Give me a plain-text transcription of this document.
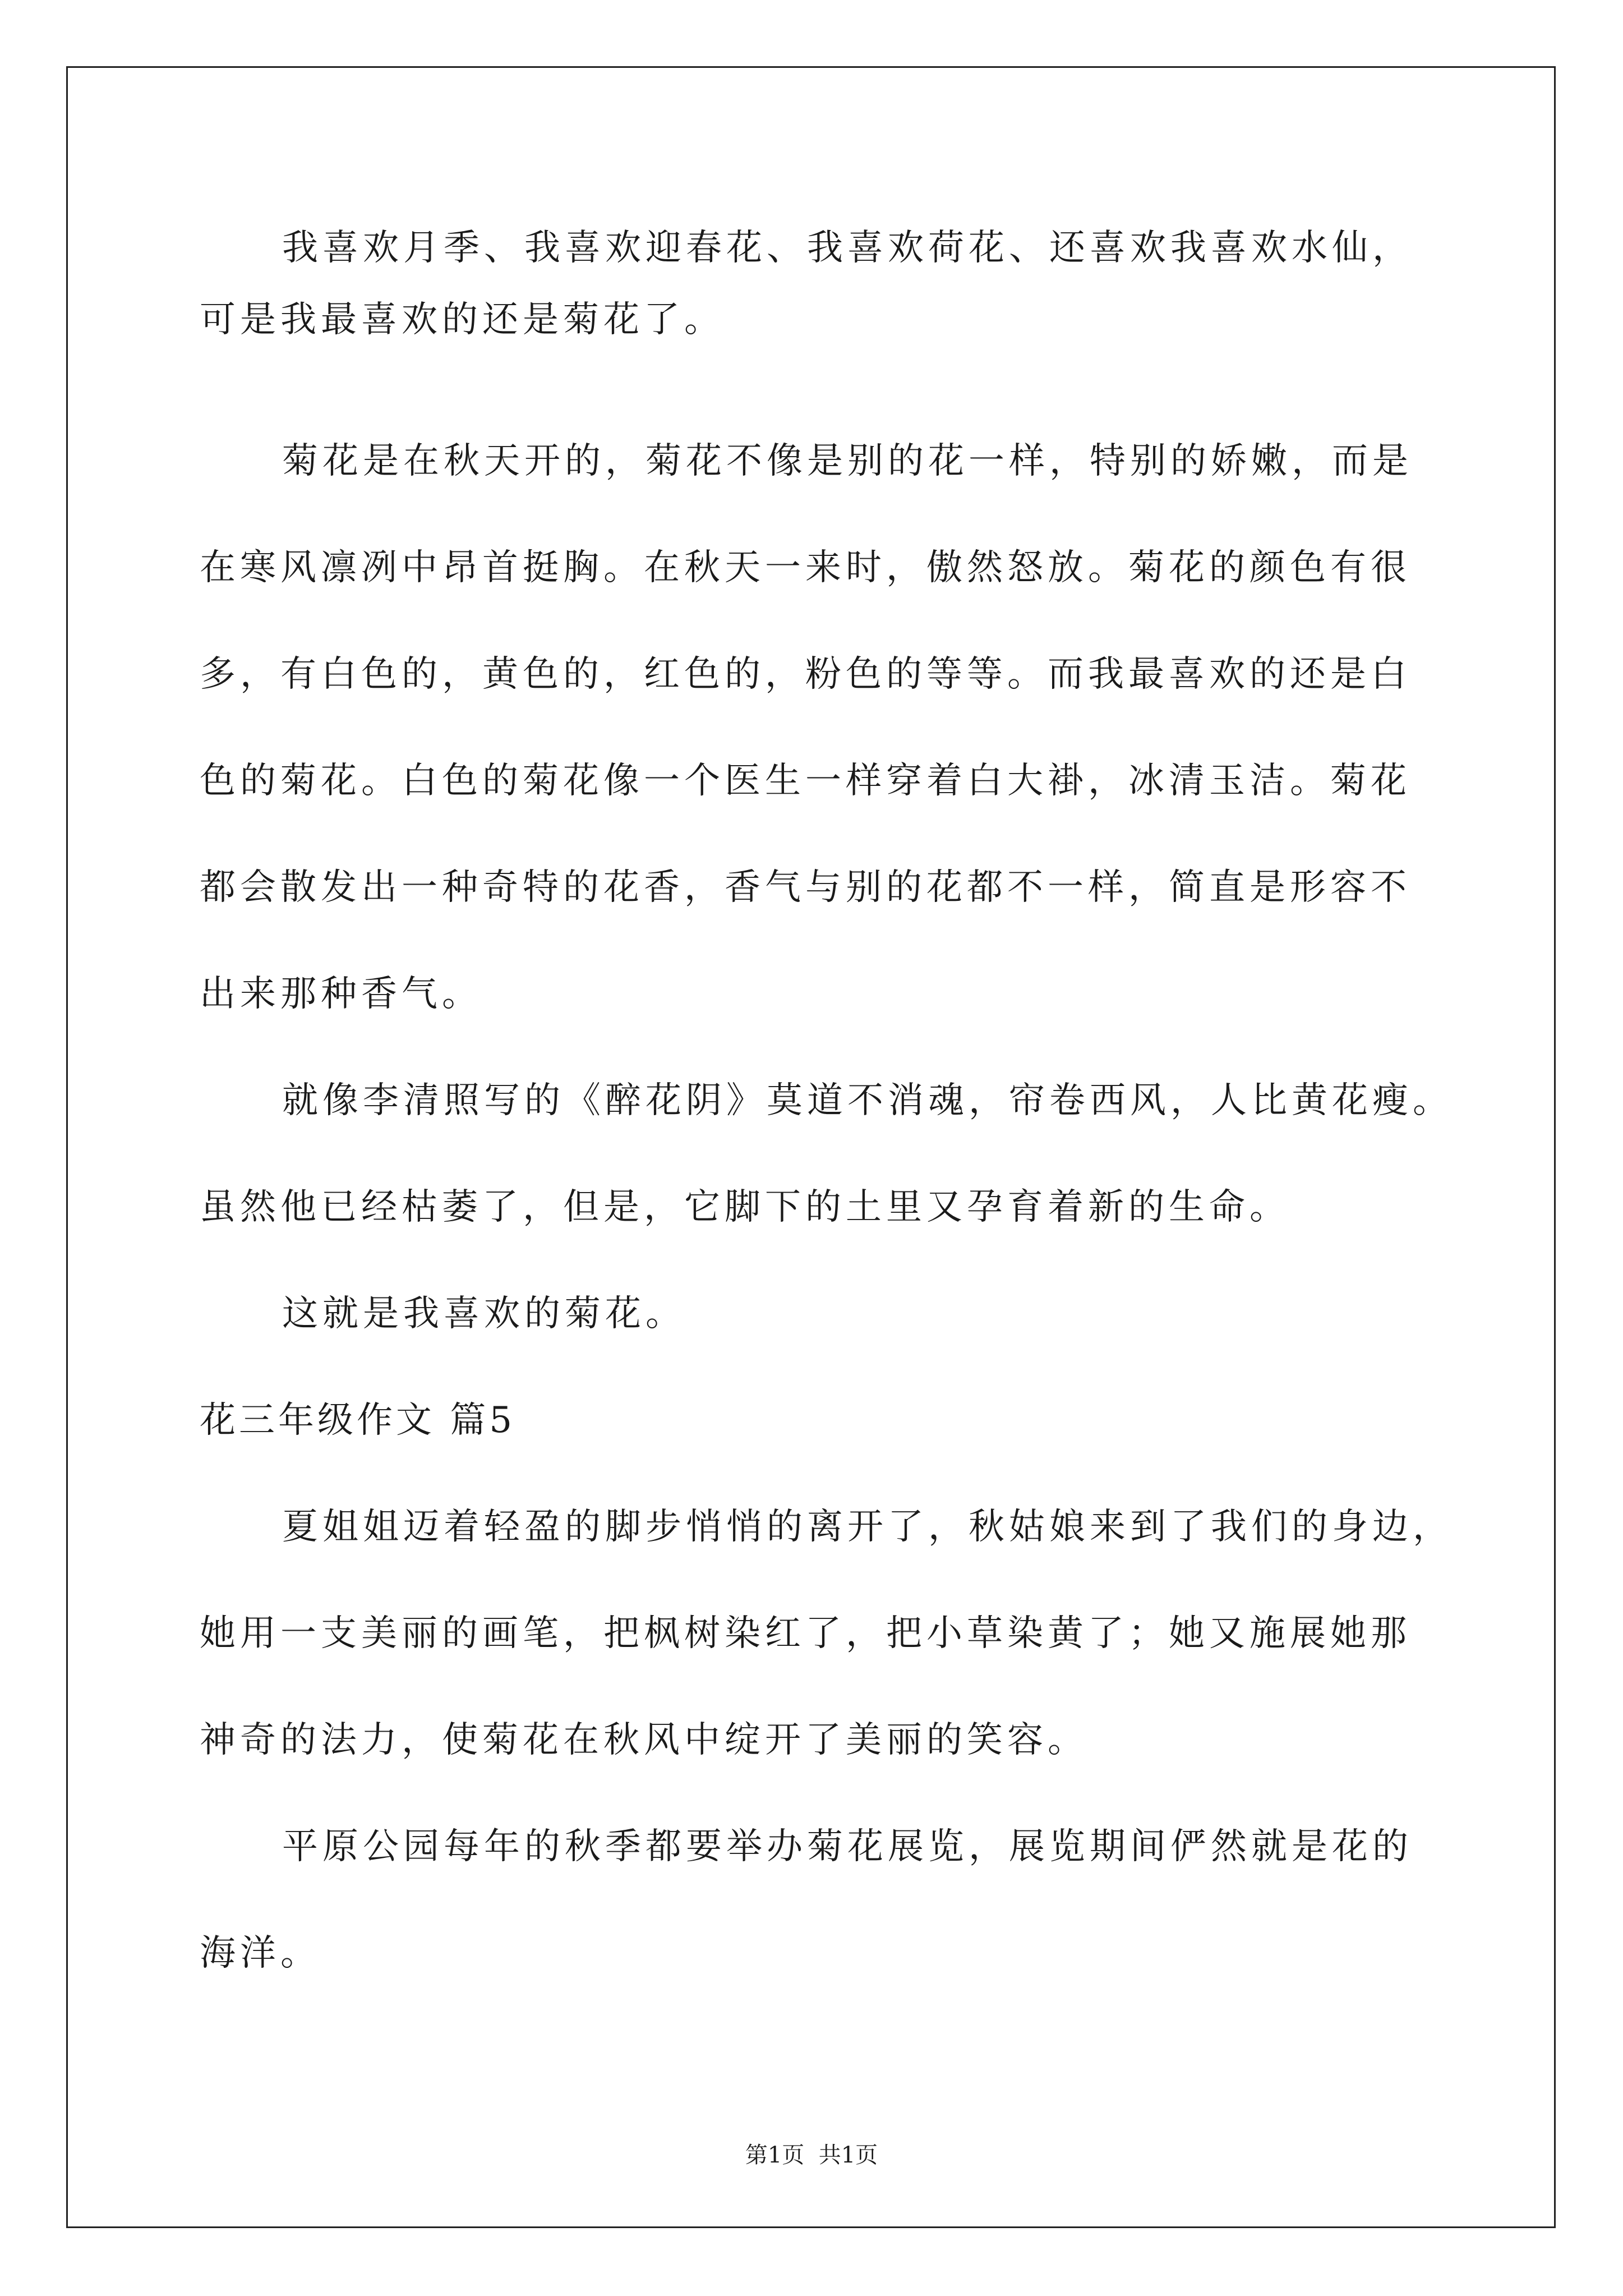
我喜欢月季、我喜欢迎春花、我喜欢荷花、还喜欢我喜欢水仙，

可是我最喜欢的还是菊花了。

菊花是在秋天开的，菊花不像是别的花一样，特别的娇嫩，而是

在寒风凛冽中昂首挺胸。在秋天一来时，傲然怒放。菊花的颜色有很

多，有白色的，黄色的，红色的，粉色的等等。而我最喜欢的还是白

色的菊花。白色的菊花像一个医生一样穿着白大褂，冰清玉洁。菊花

都会散发出一种奇特的花香，香气与别的花都不一样，简直是形容不

出来那种香气。

就像李清照写的《醉花阴》莫道不消魂，帘卷西风，人比黄花瘦。

虽然他已经枯萎了，但是，它脚下的土里又孕育着新的生命。

这就是我喜欢的菊花。

花三年级作文 篇5

夏姐姐迈着轻盈的脚步悄悄的离开了，秋姑娘来到了我们的身边，

她用一支美丽的画笔，把枫树染红了，把小草染黄了；她又施展她那

神奇的法力，使菊花在秋风中绽开了美丽的笑容。

平原公园每年的秋季都要举办菊花展览，展览期间俨然就是花的

海洋。

第1页  共1页
